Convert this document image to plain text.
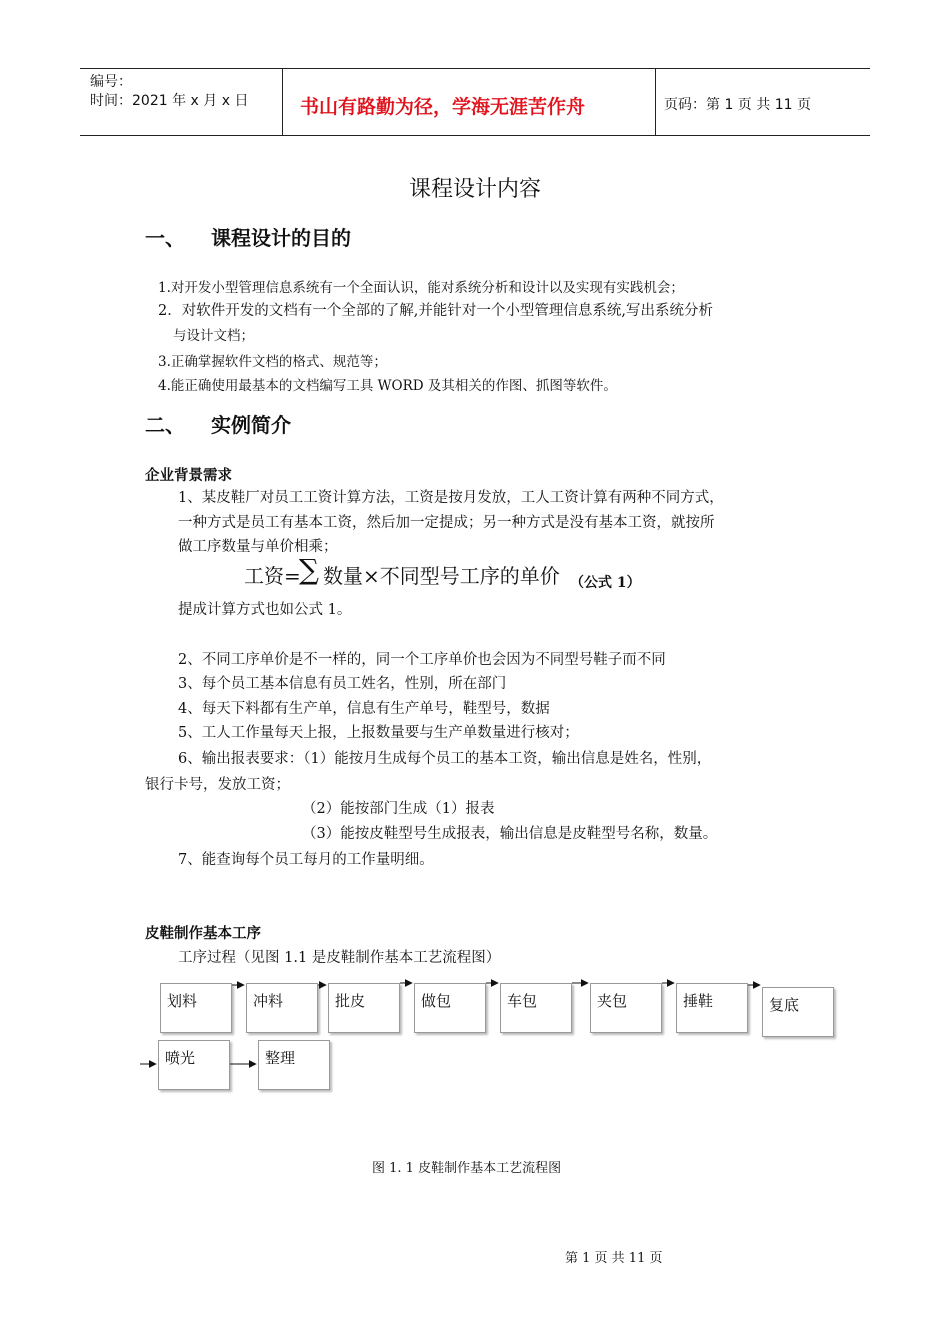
编号：
时间：2021 年 x 月 x 日	书山有路勤为径，学海无涯苦作舟	页码：第 1 页 共 11 页
课程设计内容
一、 课程设计的目的
1.对开发小型管理信息系统有一个全面认识，能对系统分析和设计以及实现有实践机会；
2．对软件开发的文档有一个全部的了解,并能针对一个小型管理信息系统,写出系统分析
与设计文档；
3.正确掌握软件文档的格式、规范等；
4.能正确使用最基本的文档编写工具 WORD 及其相关的作图、抓图等软件。
二、 实例简介
企业背景需求
1、某皮鞋厂对员工工资计算方法，工资是按月发放，工人工资计算有两种不同方式，
一种方式是员工有基本工资，然后加一定提成；另一种方式是没有基本工资，就按所
做工序数量与单价相乘；
工资=
∑ 数量×不同型号工序的单价 （公式 1）
提成计算方式也如公式 1。
2、不同工序单价是不一样的，同一个工序单价也会因为不同型号鞋子而不同
3、每个员工基本信息有员工姓名，性别，所在部门
4、每天下料都有生产单，信息有生产单号，鞋型号，数据
5、工人工作量每天上报，上报数量要与生产单数量进行核对；
6、输出报表要求：（1）能按月生成每个员工的基本工资，输出信息是姓名，性别，
银行卡号，发放工资；
（2）能按部门生成（1）报表
（3）能按皮鞋型号生成报表，输出信息是皮鞋型号名称，数量。
7、能查询每个员工每月的工作量明细。
皮鞋制作基本工序
工序过程（见图 1.1 是皮鞋制作基本工艺流程图）
划料	冲料	批皮	做包	车包	夹包	捶鞋	复底
喷光	整理
图 1. 1 皮鞋制作基本工艺流程图
第 1 页 共 11 页
